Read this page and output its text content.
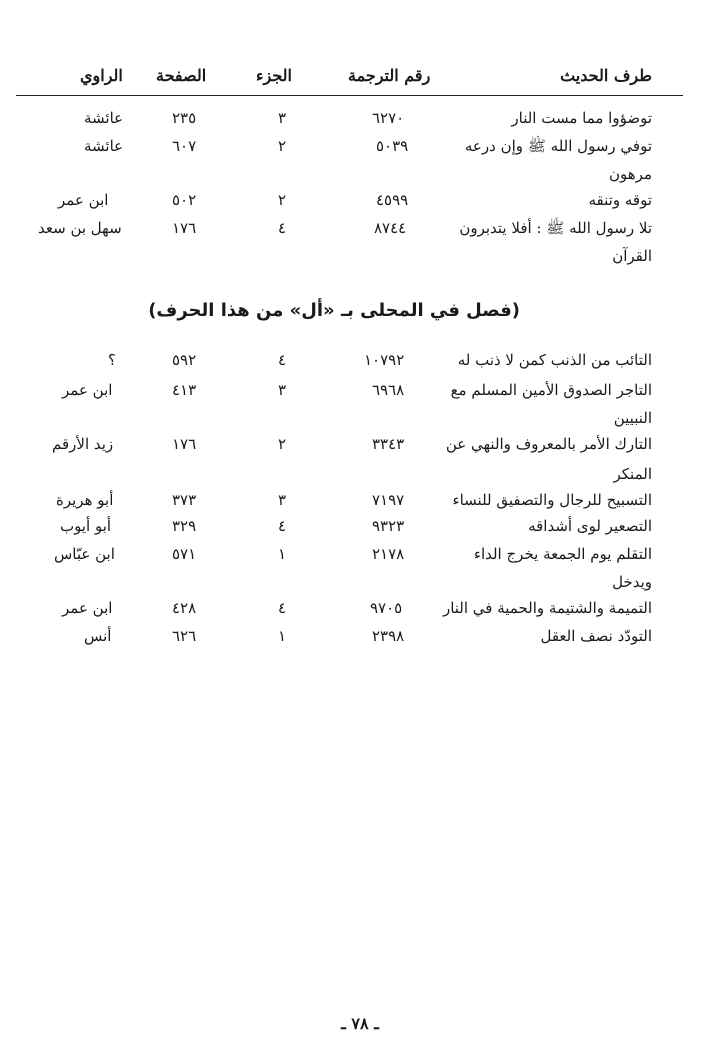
طرف الحديث
رقم الترجمة
الجزء
الصفحة
الراوي
توضؤوا مما مست النار
٦٢٧٠
٣
٢٣٥
عائشة
توفي رسول الله ﷺ وإن درعه
مرهون
٥٠٣٩
٢
٦٠٧
عائشة
توقه وتنقه
٤٥٩٩
٢
٥٠٢
ابن عمر
تلا رسول الله ﷺ : أفلا يتدبرون
القرآن
٨٧٤٤
٤
١٧٦
سهل بن سعد
(فصل في المحلى بـ «أل» من هذا الحرف)
التائب من الذنب كمن لا ذنب له
١٠٧٩٢
٤
٥٩٢
؟
التاجر الصدوق الأمين المسلم مع
النبيين
٦٩٦٨
٣
٤١٣
ابن عمر
التارك الأمر بالمعروف والنهي عن
المنكر
٣٣٤٣
٢
١٧٦
زيد الأرقم
التسبيح للرجال والتصفيق للنساء
٧١٩٧
٣
٣٧٣
أبو هريرة
التصعير لوى أشداقه
٩٣٢٣
٤
٣٢٩
أبو أيوب
التقلم يوم الجمعة يخرج الداء
ويدخل
٢١٧٨
١
٥٧١
ابن عبّاس
التميمة والشتيمة والحمية في النار
٩٧٠٥
٤
٤٢٨
ابن عمر
التودّد نصف العقل
٢٣٩٨
١
٦٢٦
أنس
ـ ٧٨ ـ
